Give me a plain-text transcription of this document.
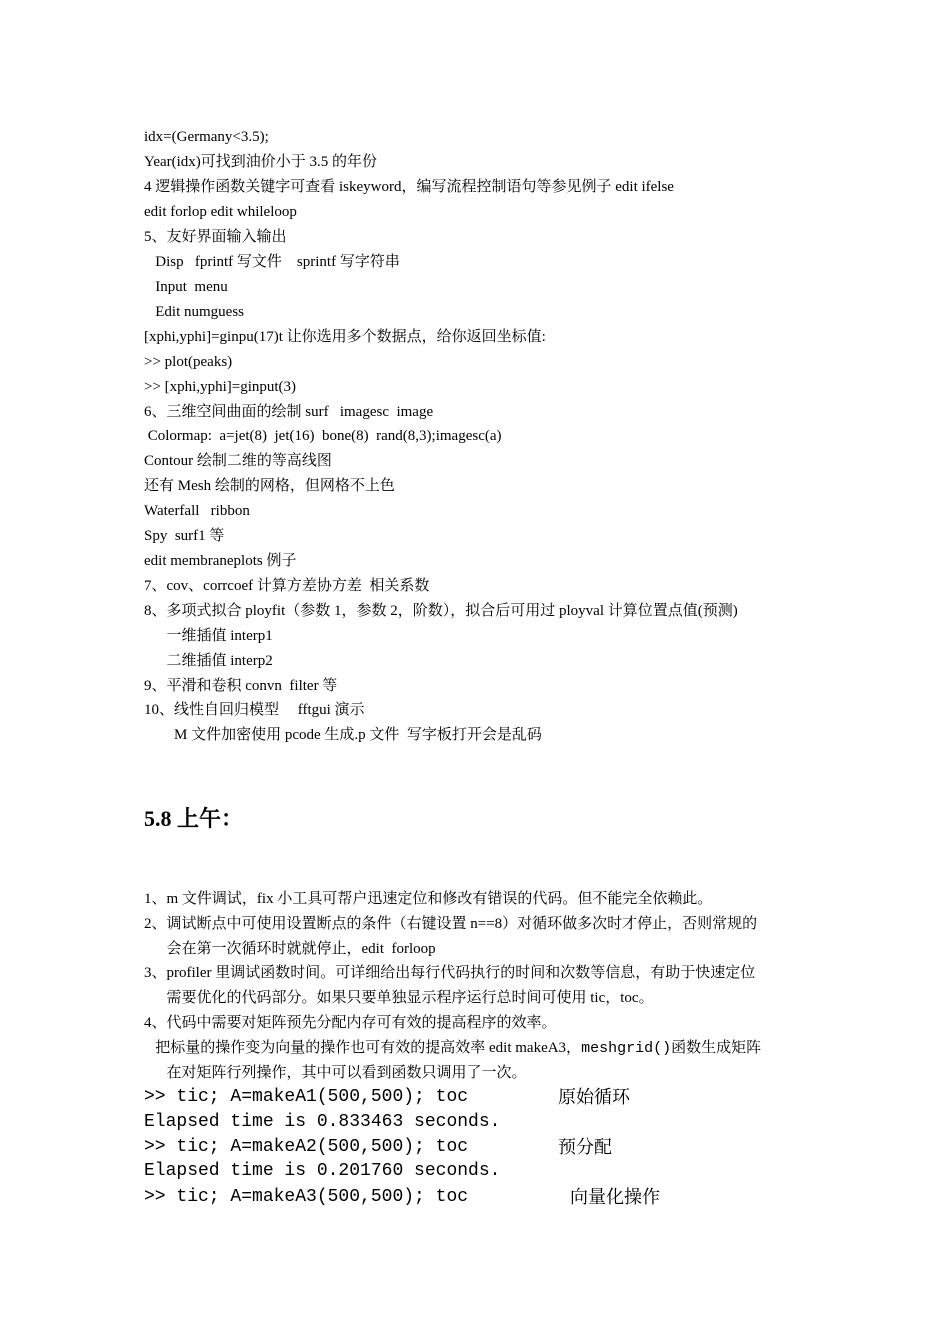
idx=(Germany<3.5);

Year(idx)可找到油价小于 3.5 的年份

4 逻辑操作函数关键字可查看 iskeyword，编写流程控制语句等参见例子 edit ifelse

edit forlop edit whileloop

5、友好界面输入输出

Disp   fprintf 写文件    sprintf 写字符串

Input  menu

Edit numguess

[xphi,yphi]=ginpu(17)t 让你选用多个数据点，给你返回坐标值:

>> plot(peaks)

>> [xphi,yphi]=ginput(3)

6、三维空间曲面的绘制 surf   imagesc  image

Colormap:  a=jet(8)  jet(16)  bone(8)  rand(8,3);imagesc(a)

Contour 绘制二维的等高线图

还有 Mesh 绘制的网格，但网格不上色

Waterfall   ribbon

Spy  surf1 等

edit membraneplots 例子

7、cov、corrcoef 计算方差协方差  相关系数

8、多项式拟合 ployfit（参数 1，参数 2，阶数），拟合后可用过 ployval 计算位置点值(预测)

一维插值 interp1

二维插值 interp2

9、平滑和卷积 convn  filter 等

10、线性自回归模型     fftgui 演示

M 文件加密使用 pcode 生成.p 文件  写字板打开会是乱码

5.8 上午：

1、m 文件调试，fix 小工具可帮户迅速定位和修改有错误的代码。但不能完全依赖此。

2、调试断点中可使用设置断点的条件（右键设置 n==8）对循环做多次时才停止，否则常规的

会在第一次循环时就就停止，edit  forloop

3、profiler 里调试函数时间。可详细给出每行代码执行的时间和次数等信息，有助于快速定位

需要优化的代码部分。如果只要单独显示程序运行总时间可使用 tic，toc。

4、代码中需要对矩阵预先分配内存可有效的提高程序的效率。

把标量的操作变为向量的操作也可有效的提高效率 edit makeA3，meshgrid()函数生成矩阵

在对矩阵行列操作，其中可以看到函数只调用了一次。

>> tic; A=makeA1(500,500); toc	原始循环

Elapsed time is 0.833463 seconds.

>> tic; A=makeA2(500,500); toc	预分配

Elapsed time is 0.201760 seconds.

>> tic; A=makeA3(500,500); toc	向量化操作
